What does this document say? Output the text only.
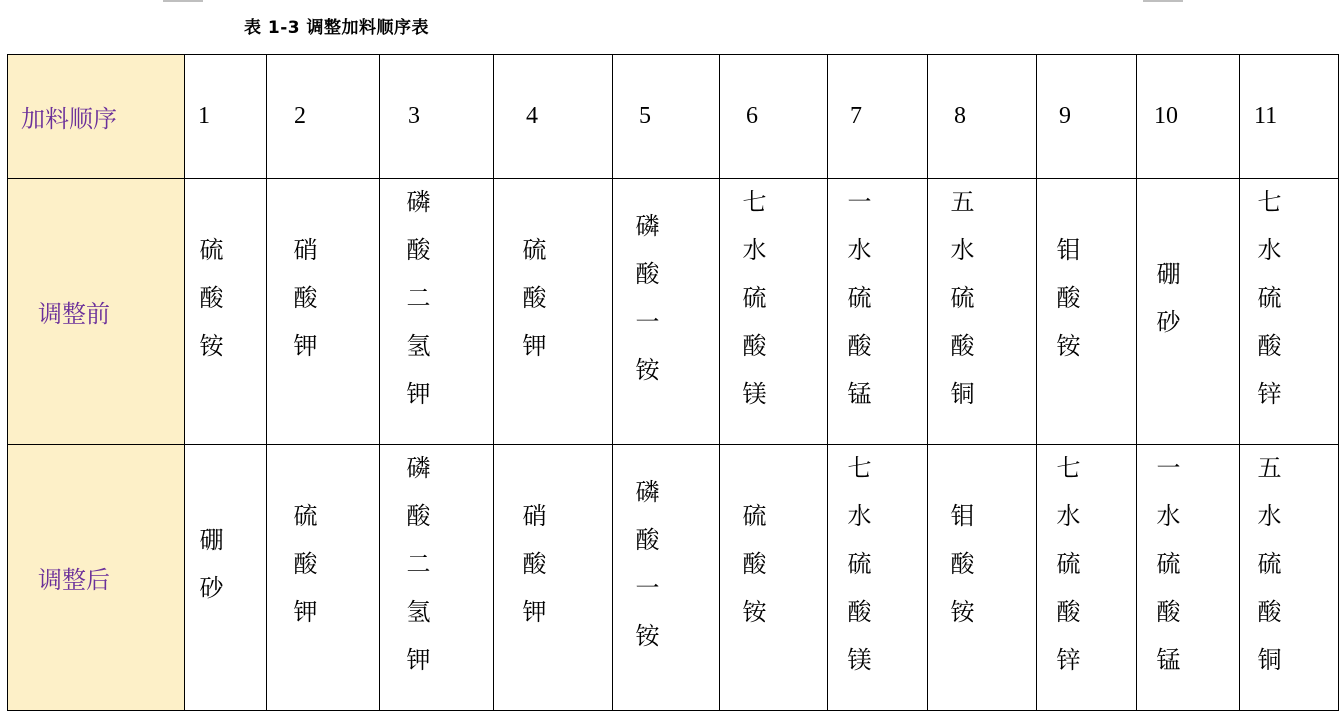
表 1-3 调整加料顺序表
加料顺序	1	2	3	4	5	6	7	8	9	10	11
调整前	硫酸铵	硝酸钾	磷酸二氢钾	硫酸钾	磷酸一铵	七水硫酸镁	一水硫酸锰	五水硫酸铜	钼酸铵	硼砂	七水硫酸锌
调整后	硼砂	硫酸钾	磷酸二氢钾	硝酸钾	磷酸一铵	硫酸铵	七水硫酸镁	钼酸铵	七水硫酸锌	一水硫酸锰	五水硫酸铜
